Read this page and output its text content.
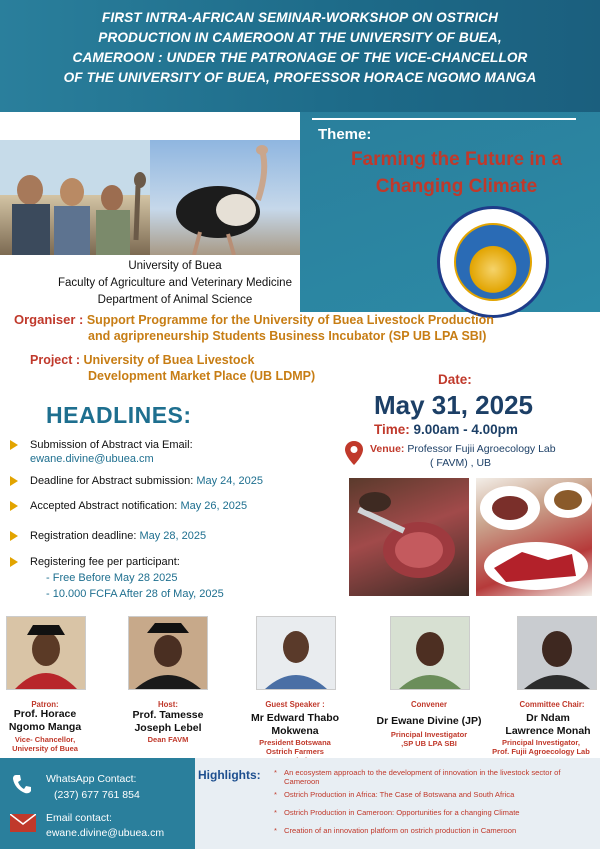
FIRST INTRA-AFRICAN SEMINAR-WORKSHOP ON OSTRICH
PRODUCTION IN CAMEROON AT THE UNIVERSITY OF BUEA,
CAMEROON : UNDER THE PATRONAGE OF THE VICE-CHANCELLOR
OF THE UNIVERSITY OF BUEA, PROFESSOR HORACE NGOMO MANGA
Theme:
Farming the Future in a
Changing Climate
University of Buea
Faculty of Agriculture and Veterinary Medicine
Department of Animal Science
Organiser : Support Programme for the University of Buea Livestock Production
and agripreneurship Students Business Incubator (SP UB LPA SBI)
Project : University of Buea Livestock
Development Market Place (UB LDMP)	Date:
May 31, 2025
Time: 9.00am - 4.00pm
Venue: Professor Fujii Agroecology Lab
( FAVM) , UB
HEADLINES:
Submission of Abstract via Email:
ewane.divine@ubuea.cm
Deadline for Abstract submission: May 24, 2025
Accepted Abstract notification: May 26, 2025
Registration deadline: May 28, 2025
Registering fee per participant:
- Free Before May 28 2025
- 10.000 FCFA After 28 of May, 2025
Patron:
Prof. Horace
Ngomo Manga
Vice- Chancellor,
University of Buea
Host:
Prof. Tamesse
Joseph Lebel
Dean FAVM
Guest Speaker :
Mr Edward Thabo
Mokwena
President Botswana
Ostrich Farmers
Convener
Dr Ewane Divine (JP)
Principal Investigator
,SP UB LPA SBI
Committee Chair:
Dr Ndam
Lawrence Monah
Principal Investigator,
Prof. Fujii Agroecology Lab
WhatsApp Contact:
(237) 677 761 854
Email contact:
ewane.divine@ubuea.cm
Highlights: * An ecosystem approach to the development of innovation in the livestock sector of Cameroon
* Ostrich Production in Africa: The Case of Botswana and South Africa
* Ostrich Production in Cameroon: Opportunities for a changing Climate
* Creation of an innovation platform on ostrich production in Cameroon
